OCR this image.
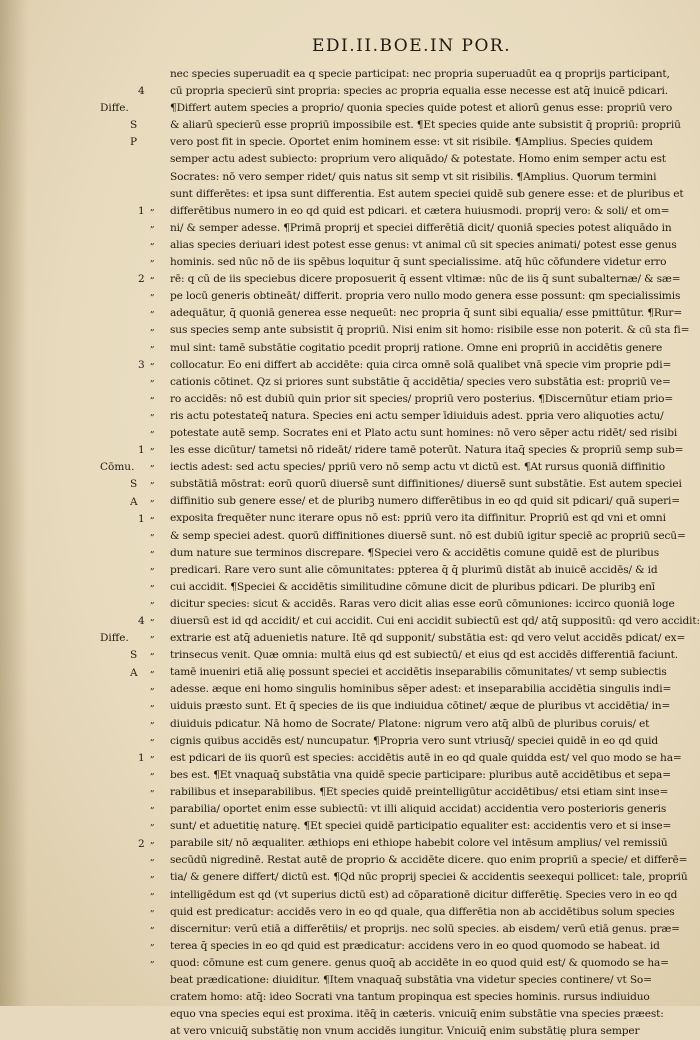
EDI.II.BOE.IN POR.
nec species superuadit ea q specie participat: nec propria superuadūt ea q proprijs participant,
cū propria specierū sint propria: species ac propria equalia esse necesse est atq̄ inuicē pdicari.
¶Differt autem species a proprio/ quonia species quide potest et aliorū genus esse: propriū vero
& aliarū specierū esse propriū impossibile est. ¶Et species quide ante subsistit q̄ propriū: propriū
vero post fit in specie. Oportet enim hominem esse: vt sit risibile. ¶Amplius. Species quidem
semper actu adest subiecto: proprium vero aliquādo/ & potestate. Homo enim semper actu est
Socrates: nō vero semper ridet/ quis natus sit semp vt sit risibilis. ¶Amplius. Quorum termini
sunt differētes: et ipsa sunt differentia. Est autem speciei quidē sub genere esse: et de pluribus et
differētibus numero in eo qd quid est pdicari. et cætera huiusmodi. proprij vero: & soli/ et om=
ni/ & semper adesse. ¶Primā proprij et speciei differētiā dicit/ quoniā species potest aliquādo in
alias species deriuari idest potest esse genus: vt animal cū sit species animati/ potest esse genus
hominis. sed nūc nō de iis spēbus loquitur q̄ sunt specialissime. atq̄ hūc cōfundere videtur erro
rē: q cū de iis speciebus dicere proposuerit q̄ essent vltimæ: nūc de iis q̄ sunt subalternæ/ & sæ=
pe locū generis obtineāt/ differit. propria vero nullo modo genera esse possunt: qm specialissimis
adequātur, q̄ quoniā generea esse nequeūt: nec propria q̄ sunt sibi equalia/ esse pmittūtur. ¶Rur=
sus species semp ante subsistit q̄ propriū. Nisi enim sit homo: risibile esse non poterit. & cū sta fi=
mul sint: tamē substātie cogitatio pcedit proprij ratione. Omne eni propriū in accidētis genere
collocatur. Eo eni differt ab accidēte: quia circa omnē solā qualibet vnā specie vim proprie pdi=
cationis cōtinet. Qz si priores sunt substātie q̄ accidētia/ species vero substātia est: propriū ve=
ro accidēs: nō est dubiū quin prior sit species/ propriū vero posterius. ¶Discernūtur etiam prio=
ris actu potestateq̄ natura. Species eni actu semper īdiuiduis adest. ppria vero aliquoties actu/
potestate autē semp. Socrates eni et Plato actu sunt homines: nō vero sēper actu ridēt/ sed risibi
les esse dicūtur/ tametsi nō rideāt/ ridere tamē poterūt. Natura itaq̄ species & propriū semp sub=
iectis adest: sed actu species/ ppriū vero nō semp actu vt dictū est. ¶At rursus quoniā diffinitio
substātiā mōstrat: eorū quorū diuersē sunt diffinitiones/ diuersē sunt substātie. Est autem speciei
diffinitio sub genere esse/ et de pluribꝫ numero differētibus in eo qd quid sit pdicari/ quā superi=
exposita frequēter nunc iterare opus nō est: ppriū vero ita diffinitur. Propriū est qd vni et omni
& semp speciei adest. quorū diffinitiones diuersē sunt. nō est dubiū igitur speciē ac propriū secū=
dum nature sue terminos discrepare. ¶Speciei vero & accidētis comune quidē est de pluribus
predicari. Rare vero sunt alie cōmunitates: ppterea q̄ q̄ plurimū distāt ab inuicē accidēs/ & id
cui accidit. ¶Speciei & accidētis similitudine cōmune dicit de pluribus pdicari. De pluribꝫ enī
dicitur species: sicut & accidēs. Raras vero dicit alias esse eorū cōmuniones: iccirco quoniā loge
diuersū est id qd accidit/ et cui accidit. Cui eni accidit subiectū est qd/ atq̄ suppositū: qd vero accidit:
extrarie est atq̄ aduenietis nature. Itē qd supponit/ substātia est: qd vero velut accidēs pdicat/ ex=
trinsecus venit. Quæ omnia: multā eius qd est subiectū/ et eius qd est accidēs differentiā faciunt.
tamē inueniri etiā alię possunt speciei et accidētis inseparabilis cōmunitates/ vt semp subiectis
adesse. æque eni homo singulis hominibus sēper adest: et inseparabilia accidētia singulis indi=
uiduis præsto sunt. Et q̄ species de iis que indiuidua cōtinet/ æque de pluribus vt accidētia/ in=
diuiduis pdicatur. Nā homo de Socrate/ Platone: nigrum vero atq̄ albū de pluribus coruis/ et
cignis quibus accidēs est/ nuncupatur. ¶Propria vero sunt vtriusq̄/ speciei quidē in eo qd quid
est pdicari de iis quorū est species: accidētis autē in eo qd quale quidda est/ vel quo modo se ha=
bes est. ¶Et vnaquaq̄ substātia vna quidē specie participare: pluribus autē accidētibus et sepa=
rabilibus et inseparabilibus. ¶Et species quidē preintelligūtur accidētibus/ etsi etiam sint inse=
parabilia/ oportet enim esse subiectū: vt illi aliquid accidat) accidentia vero posterioris generis
sunt/ et aduetitię naturę. ¶Et speciei quidē participatio equaliter est: accidentis vero et si inse=
parabile sit/ nō æqualiter. æthiops eni ethiope habebit colore vel intēsum amplius/ vel remissiū
secūdū nigredinē. Restat autē de proprio & accidēte dicere. quo enim propriū a specie/ et differē=
tia/ & genere differt/ dictū est. ¶Qd nūc proprij speciei & accidentis seexequi pollicet: tale, propriū
intelligēdum est qd (vt superius dictū est) ad cōparationē dicitur differētię. Species vero in eo qd
quid est predicatur: accidēs vero in eo qd quale, qua differētia non ab accidētibus solum species
discernitur: verū etiā a differētiis/ et proprijs. nec solū species. ab eisdem/ verū etiā genus. præ=
terea q̄ species in eo qd quid est prædicatur: accidens vero in eo quod quomodo se habeat. id
quod: cōmune est cum genere. genus quoq̄ ab accidēte in eo quod quid est/ & quomodo se ha=
beat prædicatione: diuiditur. ¶Item vnaquaq̄ substātia vna videtur species continere/ vt So=
cratem homo: atq̄: ideo Socrati vna tantum propinqua est species hominis. rursus indiuiduo
equo vna species equi est proxima. itēq̄ in cæteris. vnicuiq̄ enim substātie vna species præest:
at vero vnicuiq̄ substātię non vnum accidēs iungitur. Vnicuiq̄ enim substātię plura semper
4
Diffe.
S
P
1
2
3
1
Cōmu.
S
A
1
4
Diffe.
S
A
1
2
„
„
„
„
„
„
„
„
„
„
„
„
„
„
„
„
„
„
„
„
„
„
„
„
„
„
„
„
„
„
„
„
„
„
„
„
„
„
„
„
„
„
„
„
„
